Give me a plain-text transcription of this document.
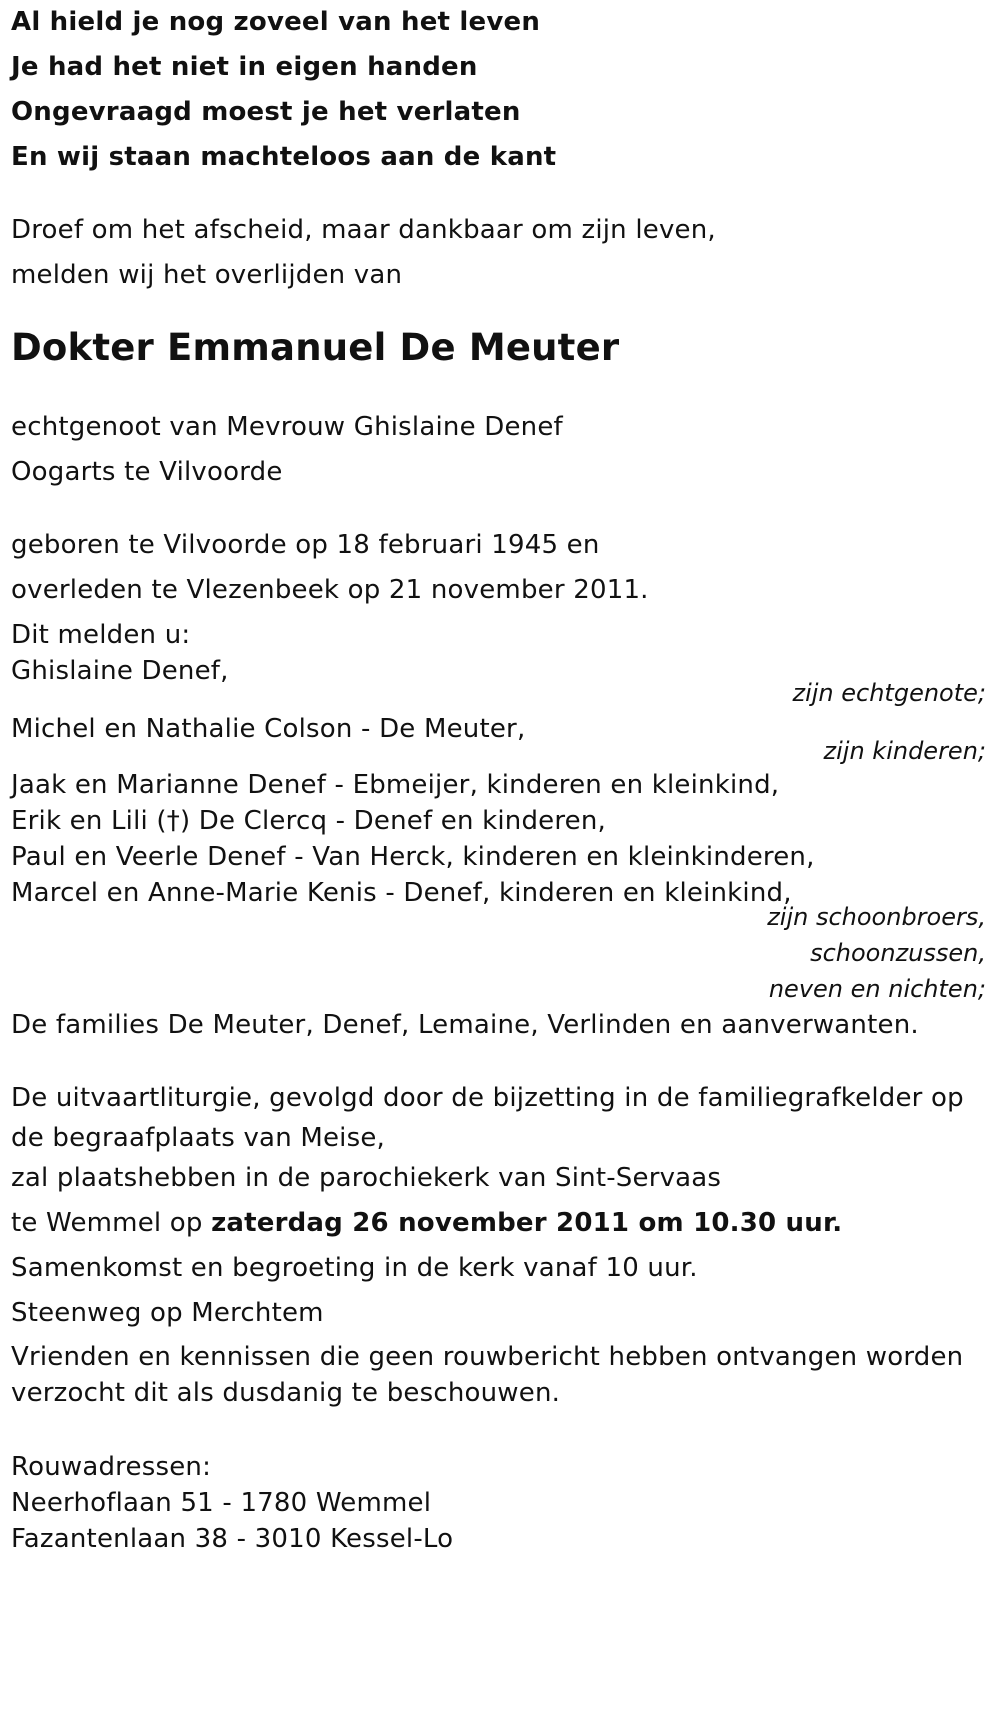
Al hield je nog zoveel van het leven
Je had het niet in eigen handen
Ongevraagd moest je het verlaten
En wij staan machteloos aan de kant
Droef om het afscheid, maar dankbaar om zijn leven,
melden wij het overlijden van
Dokter Emmanuel De Meuter
echtgenoot van Mevrouw Ghislaine Denef
Oogarts te Vilvoorde
geboren te Vilvoorde op 18 februari 1945 en
overleden te Vlezenbeek op 21 november 2011.
Dit melden u:
Ghislaine Denef,
zijn echtgenote;
Michel en Nathalie Colson - De Meuter,
zijn kinderen;
Jaak en Marianne Denef - Ebmeijer, kinderen en kleinkind,
Erik en Lili (†) De Clercq - Denef en kinderen,
Paul en Veerle Denef - Van Herck, kinderen en kleinkinderen,
Marcel en Anne-Marie Kenis - Denef, kinderen en kleinkind,
zijn schoonbroers,
schoonzussen,
neven en nichten;
De families De Meuter, Denef, Lemaine, Verlinden en aanverwanten.
De uitvaartliturgie, gevolgd door de bijzetting in de familiegrafkelder op de begraafplaats van Meise,
zal plaatshebben in de parochiekerk van Sint-Servaas
te Wemmel op zaterdag 26 november 2011 om 10.30 uur.
Samenkomst en begroeting in de kerk vanaf 10 uur.
Steenweg op Merchtem
Vrienden en kennissen die geen rouwbericht hebben ontvangen worden verzocht dit als dusdanig te beschouwen.
Rouwadressen:
Neerhoflaan 51 - 1780 Wemmel
Fazantenlaan 38 - 3010 Kessel-Lo
